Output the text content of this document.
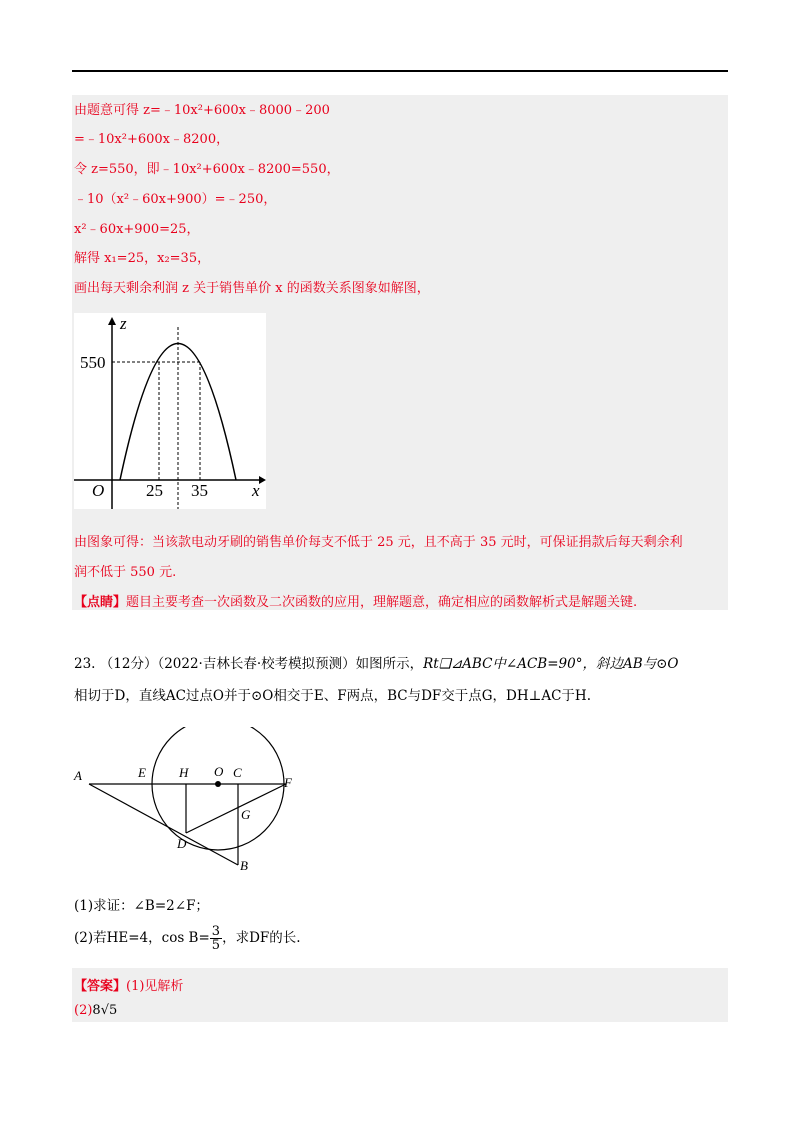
由题意可得 z=﹣10x²+600x﹣8000﹣200
=﹣10x²+600x﹣8200，
令 z=550，即﹣10x²+600x﹣8200=550，
﹣10（x²﹣60x+900）=﹣250，
x²﹣60x+900=25，
解得 x₁=25，x₂=35，
画出每天剩余利润 z 关于销售单价 x 的函数关系图象如解图，
z
x
O
550
25 35
由图象可得：当该款电动牙刷的销售单价每支不低于 25 元，且不高于 35 元时，可保证捐款后每天剩余利
润不低于 550 元.
【点睛】题目主要考查一次函数及二次函数的应用，理解题意，确定相应的函数解析式是解题关键.
23. （12分）（2022·吉林长春·校考模拟预测）如图所示，Rt❑⊿ABC中∠ACB=90°，斜边AB与⊙O
相切于D，直线AC过点O并于⊙O相交于E、F两点，BC与DF交于点G，DH⊥AC于H.
A	E	H O C
F
G
D
B
(1)求证：∠B=2∠F；
(2)若HE=4，$\cos B= \frac{3}{5}$ ，求DF的长.
【答案】(1)见解析
(2)8√5
